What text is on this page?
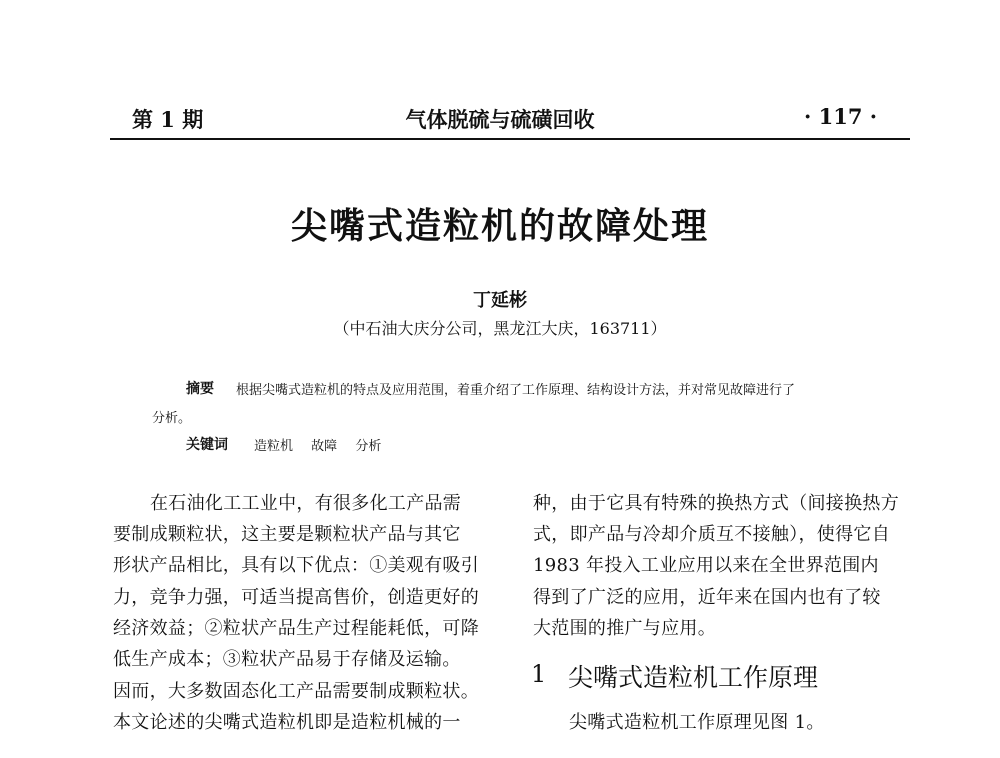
第 1 期	气体脱硫与硫磺回收	· 117 ·
尖嘴式造粒机的故障处理
丁延彬
（中石油大庆分公司，黑龙江大庆，163711）
摘要 根据尖嘴式造粒机的特点及应用范围，着重介绍了工作原理、结构设计方法，并对常见故障进行了
分析。
关键词 造粒机 故障 分析
在石油化工工业中，有很多化工产品需
要制成颗粒状，这主要是颗粒状产品与其它
形状产品相比，具有以下优点：①美观有吸引
力，竞争力强，可适当提高售价，创造更好的
经济效益；②粒状产品生产过程能耗低，可降
低生产成本；③粒状产品易于存储及运输。
因而，大多数固态化工产品需要制成颗粒状。
本文论述的尖嘴式造粒机即是造粒机械的一
种，由于它具有特殊的换热方式（间接换热方
式，即产品与冷却介质互不接触），使得它自
1983 年投入工业应用以来在全世界范围内
得到了广泛的应用，近年来在国内也有了较
大范围的推广与应用。
1 尖嘴式造粒机工作原理
尖嘴式造粒机工作原理见图 1。
